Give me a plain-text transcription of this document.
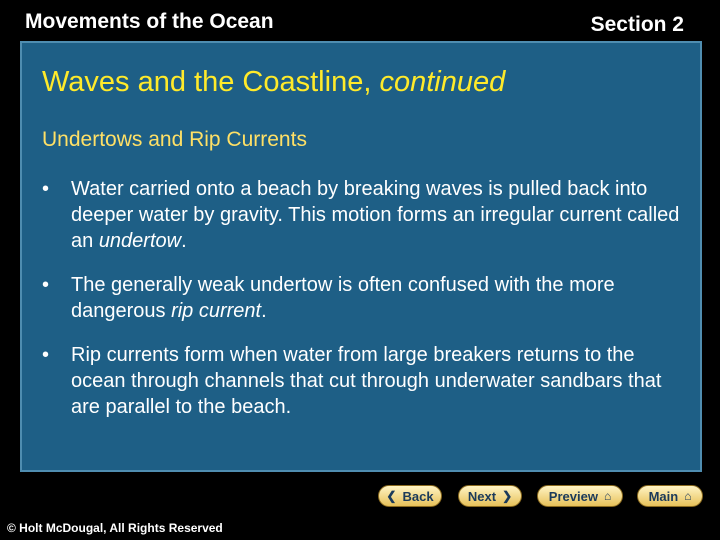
Movements of the Ocean	Section 2
Waves and the Coastline, continued
Undertows and Rip Currents
• Water carried onto a beach by breaking waves is pulled back into deeper water by gravity. This motion forms an irregular current called an undertow.
• The generally weak undertow is often confused with the more dangerous rip current.
• Rip currents form when water from large breakers returns to the ocean through channels that cut through underwater sandbars that are parallel to the beach.
❮ Back	Next ❯	Preview ⌂	Main ⌂
© Holt McDougal, All Rights Reserved
